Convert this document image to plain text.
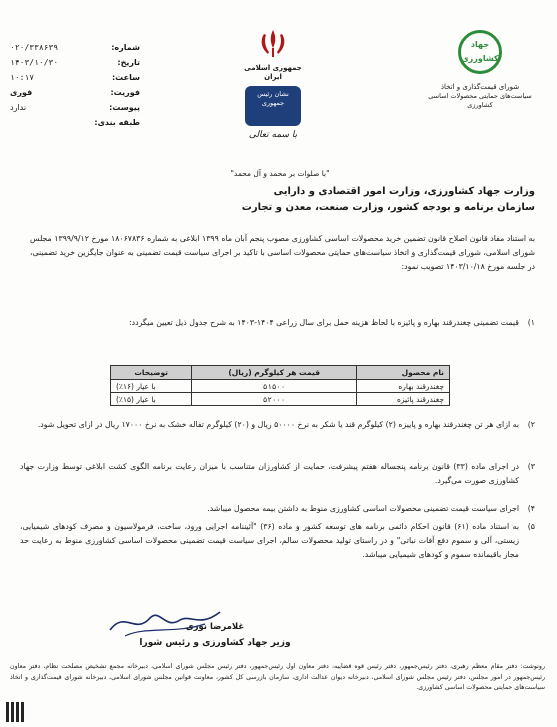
شماره:
۰۲۰/۳۳۸۶۳۹
تاریخ:
۱۴۰۳/۱۰/۳۰
ساعت:
۱۰:۱۷
فوریت:
فوری
پیوست:
ندارد
طبقه بندی:
جمهوری اسلامی ایران
نشان رئیس جمهوری
با سمه تعالی
جهاد کشاورزی
شورای قیمت‌گذاری و اتخاذ
سیاست‌های حمایتی محصولات اساسی کشاورزی
"با صلوات بر محمد و آل محمد"
وزارت جهاد کشاورزی، وزارت امور اقتصادی و دارایی
سازمان برنامه و بودجه کشور، وزارت صنعت، معدن و تجارت
به استناد مفاد قانون اصلاح قانون تضمین خرید محصولات اساسی کشاورزی مصوب پنجم آبان ماه ۱۳۹۹ ابلاغی به شماره ۱۸۰۶۷۸۳۶ مورخ ۱۳۹۹/۹/۱۲ مجلس شورای اسلامی، شورای قیمت‌گذاری و اتخاذ سیاست‌های حمایتی محصولات اساسی با تاکید بر اجرای سیاست قیمت تضمینی به عنوان جایگزین خرید تضمینی، در جلسه مورخ ۱۴۰۳/۱۰/۱۸ تصویب نمود:
۱)
قیمت تضمینی چغندرقند بهاره و پائیزه با لحاظ هزینه حمل برای سال زراعی ۱۴۰۴-۱۴۰۳ به شرح جدول ذیل تعیین میگردد:
نام محصول	قیمت هر کیلوگرم (ریال)	توضیحات
چغندرقند بهاره	۵۱۵۰۰	با عیار (۱۶٪)
چغندرقند پائیزه	۵۲۰۰۰	با عیار (۱۵٪)
۲)
به ازای هر تن چغندرقند بهاره و پاییزه (۲) کیلوگرم قند یا شکر به نرخ ۵۰۰۰۰ ریال و (۲۰) کیلوگرم تفاله خشک به نرخ ۱۷۰۰۰ ریال در ازای تحویل شود.
۳)
در اجرای ماده (۳۳) قانون برنامه پنجساله هفتم پیشرفت، حمایت از کشاورزان متناسب با میزان رعایت برنامه الگوی کشت ابلاغی توسط وزارت جهاد کشاورزی صورت می‌گیرد.
۴)
اجرای سیاست قیمت تضمینی محصولات اساسی کشاورزی منوط به داشتن بیمه محصول میباشد.
۵)
به استناد ماده (۶۱) قانون احکام دائمی برنامه های توسعه کشور و ماده (۳۶) "آئیننامه اجرایی ورود، ساخت، فرمولاسیون و مصرف کودهای شیمیایی، زیستی، آلی و سموم دفع آفات نباتی" و در راستای تولید محصولات سالم، اجرای سیاست قیمت تضمینی محصولات اساسی کشاورزی منوط به رعایت حد مجاز باقیمانده سموم و کودهای شیمیایی میباشد.
غلامرضا نوری
وزیر جهاد کشاورزی و رئیس شورا
رونوشت: دفتر مقام معظم رهبری، دفتر رئیس‌جمهور، دفتر رئیس قوه قضاییه، دفتر معاون اول رئیس‌جمهور، دفتر رئیس مجلس شورای اسلامی، دبیرخانه مجمع تشخیص مصلحت نظام، دفتر معاون رئیس‌جمهور در امور مجلس، دفتر رئیس مجلس شورای اسلامی، دبیرخانه دیوان عدالت اداری، سازمان بازرسی کل کشور، معاونت قوانین مجلس شورای اسلامی، دبیرخانه شورای قیمت‌گذاری و اتخاذ سیاست‌های حمایتی محصولات اساسی کشاورزی.
